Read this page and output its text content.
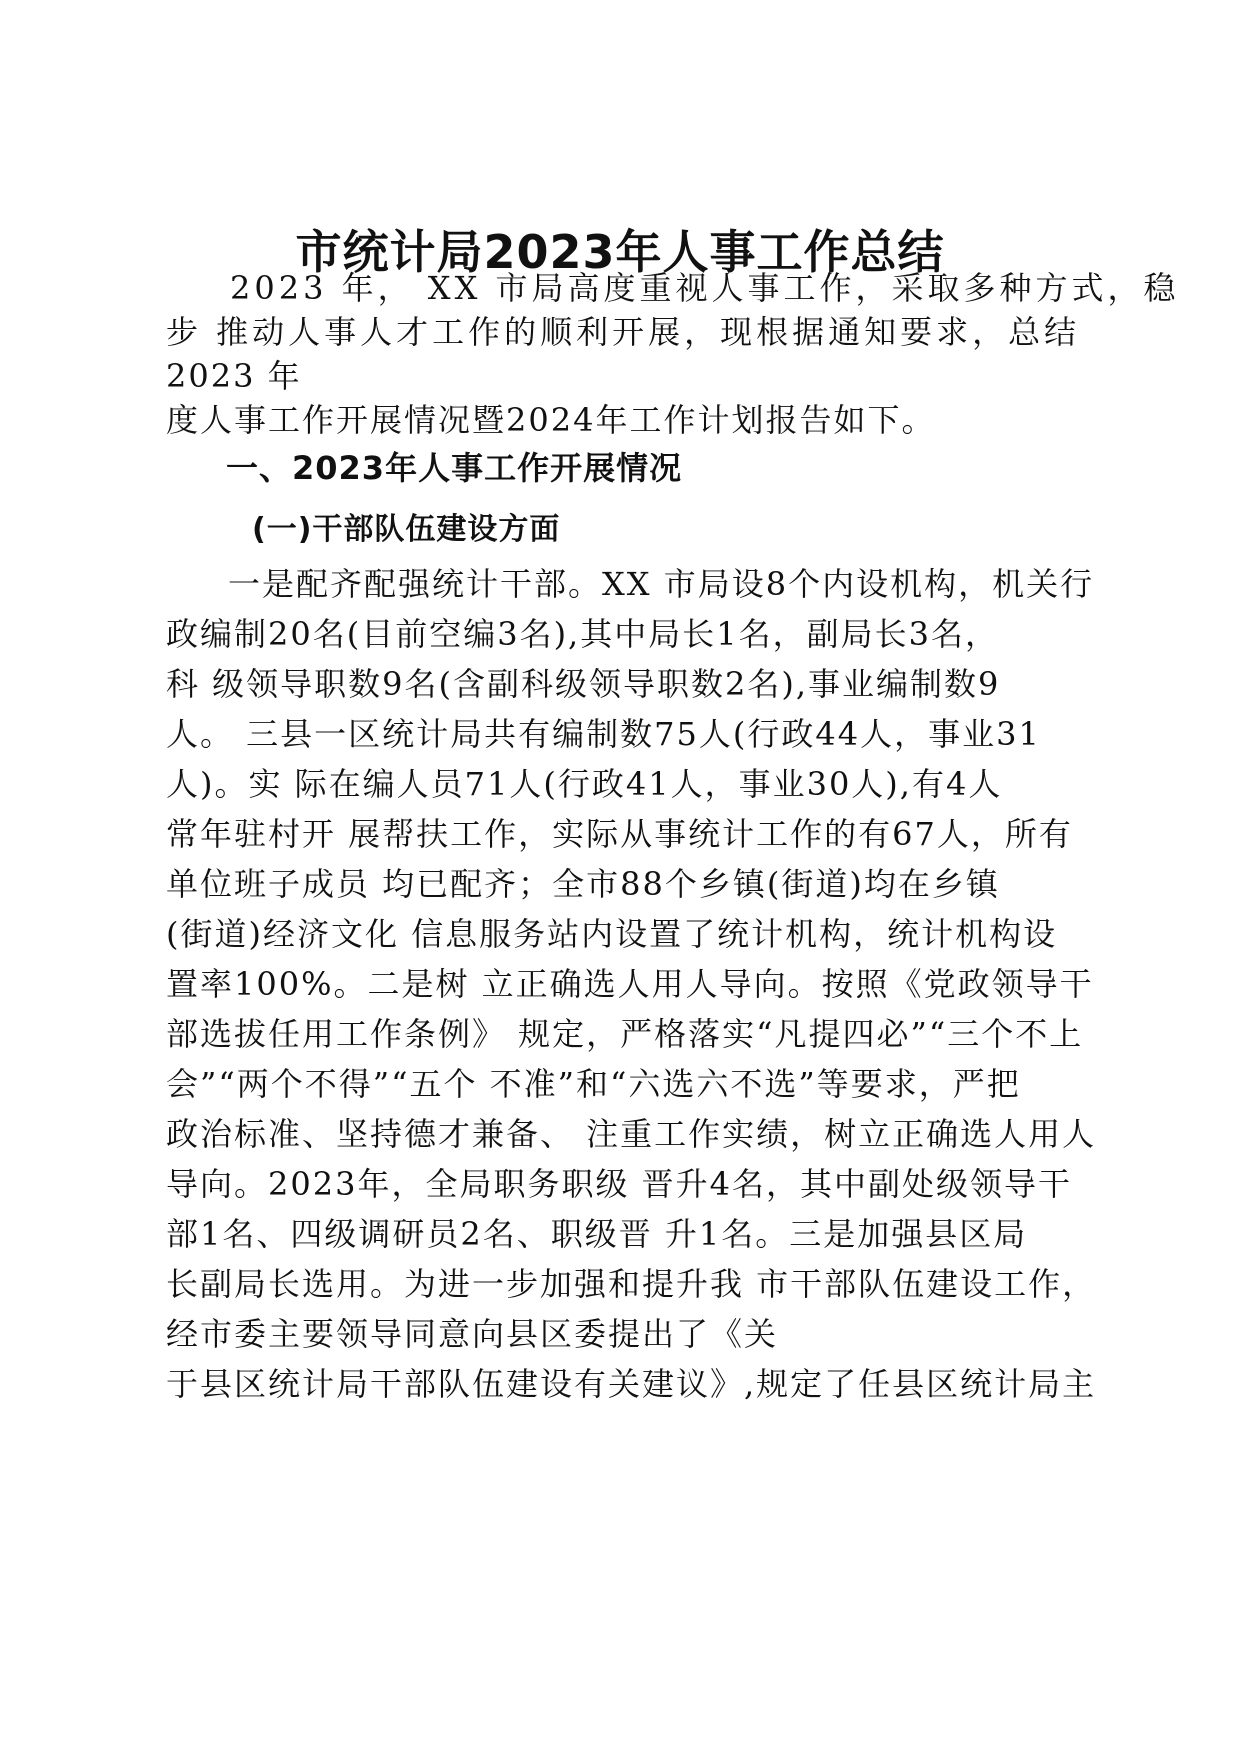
市统计局2023年人事工作总结
2023 年， XX 市局高度重视人事工作，采取多种方式，稳
步 推动人事人才工作的顺利开展，现根据通知要求，总结
2023 年
度人事工作开展情况暨2024年工作计划报告如下。
一、2023年人事工作开展情况
(一)干部队伍建设方面
一是配齐配强统计干部。XX 市局设8个内设机构，机关行
政编制20名(目前空编3名),其中局长1名，副局长3名，
科 级领导职数9名(含副科级领导职数2名),事业编制数9
人。 三县一区统计局共有编制数75人(行政44人，事业31
人)。实 际在编人员71人(行政41人，事业30人),有4人
常年驻村开 展帮扶工作，实际从事统计工作的有67人，所有
单位班子成员 均已配齐；全市88个乡镇(街道)均在乡镇
(街道)经济文化 信息服务站内设置了统计机构，统计机构设
置率100%。二是树 立正确选人用人导向。按照《党政领导干
部选拔任用工作条例》 规定，严格落实“凡提四必”“三个不上
会”“两个不得”“五个 不准”和“六选六不选”等要求，严把
政治标准、坚持德才兼备、 注重工作实绩，树立正确选人用人
导向。2023年，全局职务职级 晋升4名，其中副处级领导干
部1名、四级调研员2名、职级晋 升1名。三是加强县区局
长副局长选用。为进一步加强和提升我 市干部队伍建设工作，
经市委主要领导同意向县区委提出了《关
于县区统计局干部队伍建设有关建议》,规定了任县区统计局主
